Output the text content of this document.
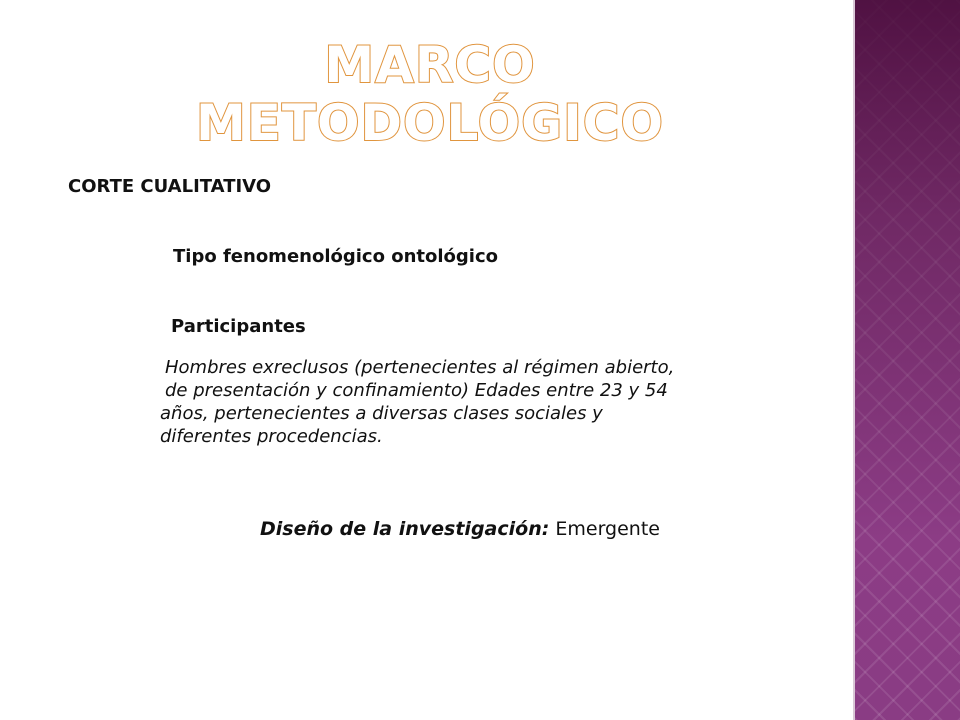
MARCO METODOLÓGICO
CORTE CUALITATIVO
Tipo fenomenológico ontológico
Participantes
Hombres exreclusos (pertenecientes al régimen abierto,
de presentación y confinamiento) Edades entre 23 y 54
años, pertenecientes a diversas clases sociales y
diferentes procedencias.
Diseño de la investigación: Emergente
